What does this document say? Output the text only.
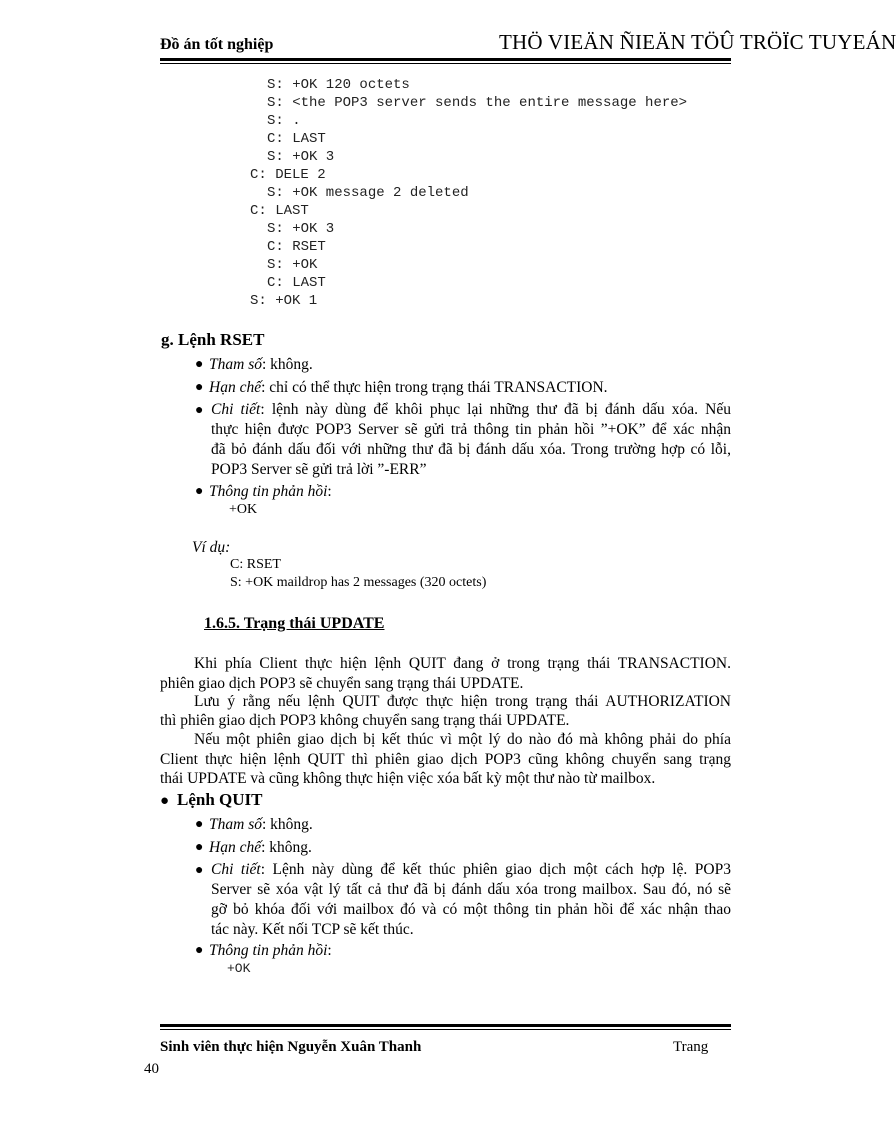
Đồ án tốt nghiệp	THÖ VIEÄN ÑIEÄN TÖÛ TRÖÏC TUYEÁN
S: +OK 120 octets
S: <the POP3 server sends the entire message here>
S: .
C: LAST
S: +OK 3
C: DELE 2
S: +OK message 2 deleted
C: LAST
S: +OK 3
C: RSET
S: +OK
C: LAST
S: +OK 1
g. Lệnh RSET
● Tham số: không.
● Hạn chế: chỉ có thể thực hiện trong trạng thái TRANSACTION.
● Chi tiết: lệnh này dùng để khôi phục lại những thư đã bị đánh dấu xóa. Nếu
thực hiện được POP3 Server sẽ gửi trả thông tin phản hồi ”+OK” để xác nhận
đã bỏ đánh dấu đối với những thư đã bị đánh dấu xóa. Trong trường hợp có lỗi,
POP3 Server sẽ gửi trả lời ”-ERR”
● Thông tin phản hồi:
+OK
Ví dụ:
C: RSET
S: +OK maildrop has 2 messages (320 octets)
1.6.5. Trạng thái UPDATE
Khi phía Client thực hiện lệnh QUIT đang ở trong trạng thái TRANSACTION.
phiên giao dịch POP3 sẽ chuyển sang trạng thái UPDATE.
Lưu ý rằng nếu lệnh QUIT được thực hiện trong trạng thái AUTHORIZATION
thì phiên giao dịch POP3 không chuyển sang trạng thái UPDATE.
Nếu một phiên giao dịch bị kết thúc vì một lý do nào đó mà không phải do phía
Client thực hiện lệnh QUIT thì phiên giao dịch POP3 cũng không chuyển sang trạng
thái UPDATE và cũng không thực hiện việc xóa bất kỳ một thư nào từ mailbox.
● Lệnh QUIT
● Tham số: không.
● Hạn chế: không.
● Chi tiết: Lệnh này dùng để kết thúc phiên giao dịch một cách hợp lệ. POP3
Server sẽ xóa vật lý tất cả thư đã bị đánh dấu xóa trong mailbox. Sau đó, nó sẽ
gỡ bỏ khóa đối với mailbox đó và có một thông tin phản hồi để xác nhận thao
tác này. Kết nối TCP sẽ kết thúc.
● Thông tin phản hồi:
+OK
Sinh viên thực hiện Nguyễn Xuân Thanh	Trang
40
